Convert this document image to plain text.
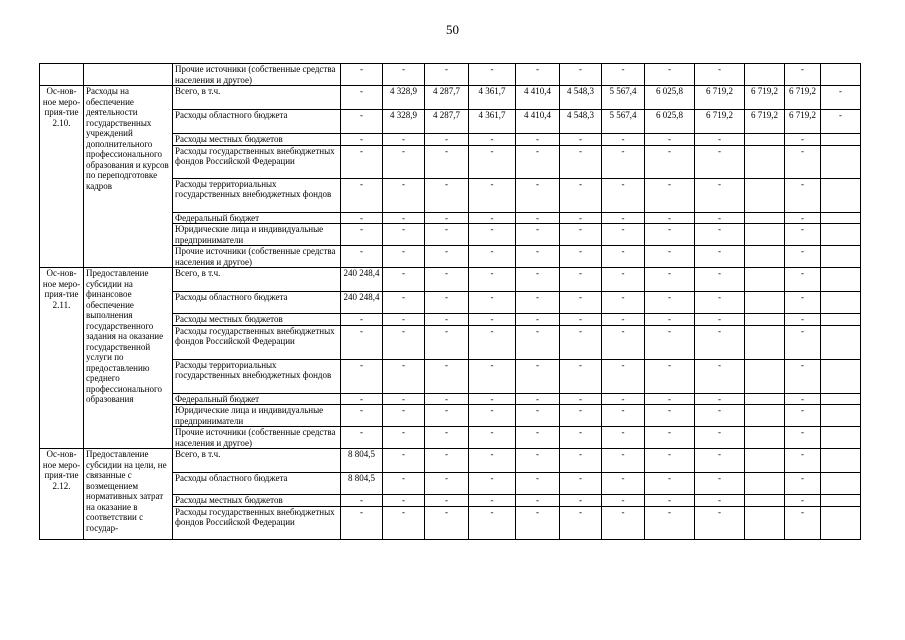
50
		Прочие источники (собственные средства населения и другое)	-	-	-	-	-	-	-	-	-		-	
Ос-нов-ное меро-прия-тие 2.10.	Расходы на обеспечение деятельности государственных учреждений дополнительного профессионального образования и курсов по переподготовке кадров	Всего, в т.ч.	-	4 328,9	4 287,7	4 361,7	4 410,4	4 548,3	5 567,4	6 025,8	6 719,2	6 719,2	6 719,2	-
		Расходы областного бюджета	-	4 328,9	4 287,7	4 361,7	4 410,4	4 548,3	5 567,4	6 025,8	6 719,2	6 719,2	6 719,2	-
		Расходы местных бюджетов	-	-	-	-	-	-	-	-	-		-	
		Расходы государственных внебюджетных фондов Российской Федерации	-	-	-	-	-	-	-	-	-		-	
		Расходы территориальных государственных внебюджетных фондов	-	-	-	-	-	-	-	-	-		-	
		Федеральный бюджет	-	-	-	-	-	-	-	-	-		-	
		Юридические лица и индивидуальные предприниматели	-	-	-	-	-	-	-	-	-		-	
		Прочие источники (собственные средства населения и другое)	-	-	-	-	-	-	-	-	-		-	
Ос-нов-ное меро-прия-тие 2.11.	Предоставление субсидии на финансовое обеспечение выполнения государственного задания на оказание государственной услуги по предоставлению среднего профессионального образования	Всего, в т.ч.	240 248,4	-	-	-	-	-	-	-	-		-	
		Расходы областного бюджета	240 248,4	-	-	-	-	-	-	-	-		-	
		Расходы местных бюджетов	-	-	-	-	-	-	-	-	-		-	
		Расходы государственных внебюджетных фондов Российской Федерации	-	-	-	-	-	-	-	-	-		-	
		Расходы территориальных государственных внебюджетных фондов	-	-	-	-	-	-	-	-	-		-	
		Федеральный бюджет	-	-	-	-	-	-	-	-	-		-	
		Юридические лица и индивидуальные предприниматели	-	-	-	-	-	-	-	-	-		-	
		Прочие источники (собственные средства населения и другое)	-	-	-	-	-	-	-	-	-		-	
Ос-нов-ное меро-прия-тие 2.12.	Предоставление субсидии на цели, не связанные с возмещением нормативных затрат на оказание в соответствии с государ-	Всего, в т.ч.	8 804,5	-	-	-	-	-	-	-	-		-	
		Расходы областного бюджета	8 804,5	-	-	-	-	-	-	-	-		-	
		Расходы местных бюджетов	-	-	-	-	-	-	-	-	-		-	
		Расходы государственных внебюджетных фондов Российской Федерации	-	-	-	-	-	-	-	-	-		-	
